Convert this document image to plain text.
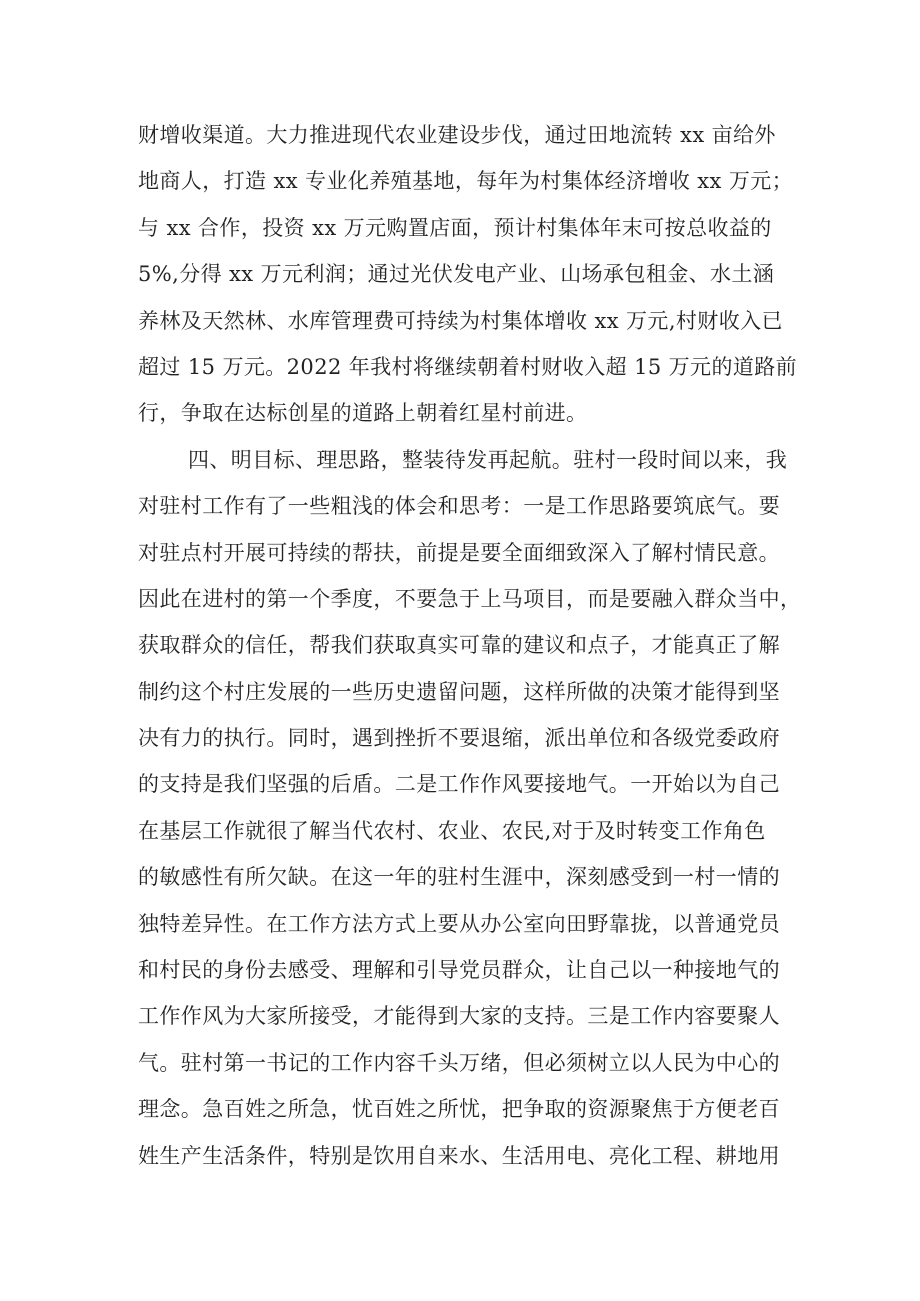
财增收渠道。大力推进现代农业建设步伐，通过田地流转 xx 亩给外
地商人，打造 xx 专业化养殖基地，每年为村集体经济增收 xx 万元；
与 xx 合作，投资 xx 万元购置店面，预计村集体年末可按总收益的
5%,分得 xx 万元利润；通过光伏发电产业、山场承包租金、水土涵
养林及天然林、水库管理费可持续为村集体增收 xx 万元,村财收入已
超过 15 万元。2022 年我村将继续朝着村财收入超 15 万元的道路前
行，争取在达标创星的道路上朝着红星村前进。
四、明目标、理思路，整装待发再起航。驻村一段时间以来，我
对驻村工作有了一些粗浅的体会和思考：一是工作思路要筑底气。要
对驻点村开展可持续的帮扶，前提是要全面细致深入了解村情民意。
因此在进村的第一个季度，不要急于上马项目，而是要融入群众当中，
获取群众的信任，帮我们获取真实可靠的建议和点子，才能真正了解
制约这个村庄发展的一些历史遗留问题，这样所做的决策才能得到坚
决有力的执行。同时，遇到挫折不要退缩，派出单位和各级党委政府
的支持是我们坚强的后盾。二是工作作风要接地气。一开始以为自己
在基层工作就很了解当代农村、农业、农民,对于及时转变工作角色
的敏感性有所欠缺。在这一年的驻村生涯中，深刻感受到一村一情的
独特差异性。在工作方法方式上要从办公室向田野靠拢，以普通党员
和村民的身份去感受、理解和引导党员群众，让自己以一种接地气的
工作作风为大家所接受，才能得到大家的支持。三是工作内容要聚人
气。驻村第一书记的工作内容千头万绪，但必须树立以人民为中心的
理念。急百姓之所急，忧百姓之所忧，把争取的资源聚焦于方便老百
姓生产生活条件，特别是饮用自来水、生活用电、亮化工程、耕地用
